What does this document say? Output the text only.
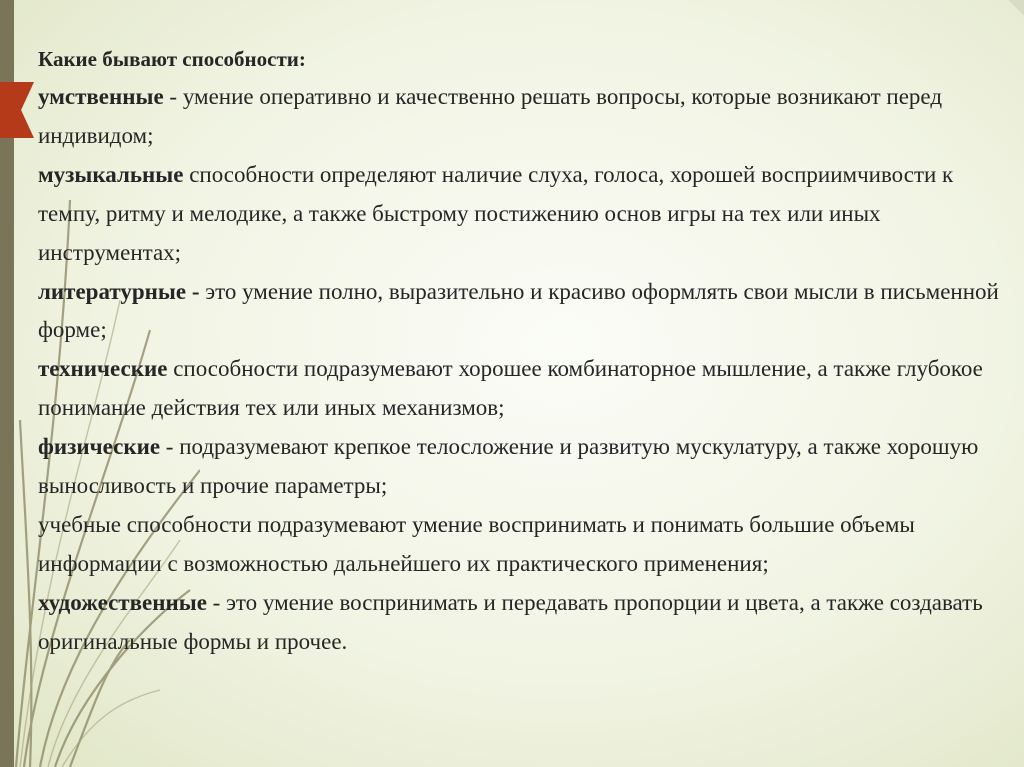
Какие бывают способности:

умственные - умение оперативно и качественно решать вопросы, которые возникают перед индивидом;

музыкальные способности определяют наличие слуха, голоса, хорошей восприимчивости к темпу, ритму и мелодике, а также быстрому постижению основ игры на тех или иных инструментах;

литературные - это умение полно, выразительно и красиво оформлять свои мысли в письменной форме;

технические способности подразумевают хорошее комбинаторное мышление, а также глубокое понимание действия тех или иных механизмов;

физические - подразумевают крепкое телосложение и развитую мускулатуру, а также хорошую выносливость и прочие параметры;

учебные способности подразумевают умение воспринимать и понимать большие объемы информации с возможностью дальнейшего их практического применения;

художественные - это умение воспринимать и передавать пропорции и цвета, а также создавать оригинальные формы и прочее.
